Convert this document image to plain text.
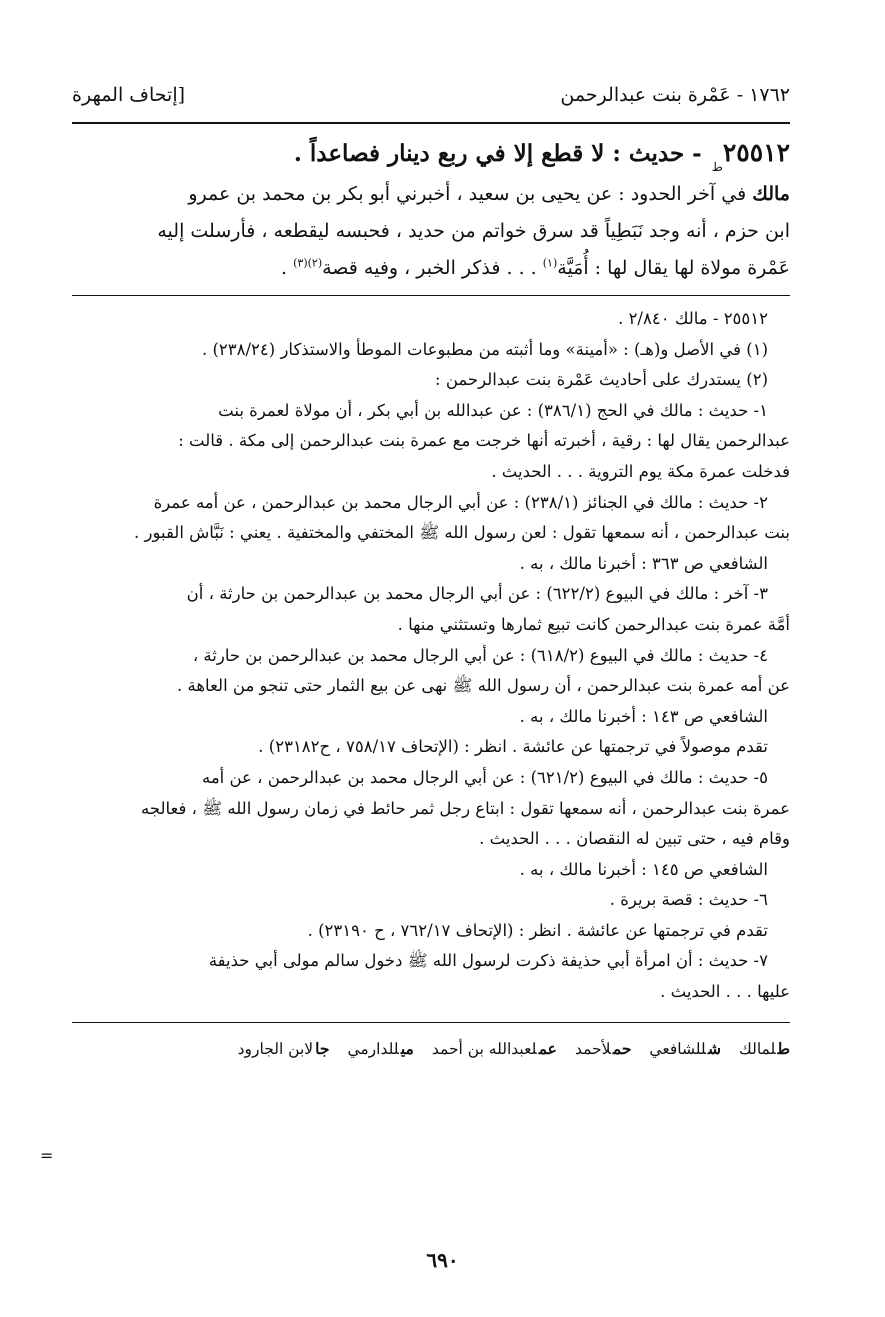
١٧٦٢ - عَمْرة بنت عبدالرحمن
[إتحاف المهرة
$٢٥٥١٢_ط$ - حديث : لا قطع إلا في ربع دينار فصاعداً .
مالك في آخر الحدود : عن يحيى بن سعيد ، أخبرني أبو بكر بن محمد بن عمرو
ابن حزم ، أنه وجد نَبَطِياً قد سرق خواتم من حديد ، فحبسه ليقطعه ، فأرسلت إليه
عَمْرة مولاة لها يقال لها : أُمَيَّة$^{(١)}$ . . . فذكر الخبر ، وفيه قصة$^{(٢)(٣)}$ .

٢٥٥١٢ - مالك ٢/٨٤٠ .

(١) في الأصل و(هـ) : «أمينة» وما أثبته من مطبوعات الموطأ والاستذكار (٢٣٨/٢٤) .

(٢) يستدرك على أحاديث عَمْرة بنت عبدالرحمن :

١- حديث : مالك في الحج (٣٨٦/١) : عن عبدالله بن أبي بكر ، أن مولاة لعمرة بنت

عبدالرحمن يقال لها : رقية ، أخبرته أنها خرجت مع عمرة بنت عبدالرحمن إلى مكة . قالت :

فدخلت عمرة مكة يوم التروية . . . الحديث .

٢- حديث : مالك في الجنائز (٢٣٨/١) : عن أبي الرجال محمد بن عبدالرحمن ، عن أمه عمرة

بنت عبدالرحمن ، أنه سمعها تقول : لعن رسول الله ﷺ المختفي والمختفية . يعني : نَبَّاش القبور .

الشافعي ص ٣٦٣ : أخبرنا مالك ، به .

٣- آخر : مالك في البيوع (٦٢٢/٢) : عن أبي الرجال محمد بن عبدالرحمن بن حارثة ، أن

أمَّة عمرة بنت عبدالرحمن كانت تبيع ثمارها وتستثني منها .

٤- حديث : مالك في البيوع (٦١٨/٢) : عن أبي الرجال محمد بن عبدالرحمن بن حارثة ،

عن أمه عمرة بنت عبدالرحمن ، أن رسول الله ﷺ نهى عن بيع الثمار حتى تنجو من العاهة .

الشافعي ص ١٤٣ : أخبرنا مالك ، به .

تقدم موصولاً في ترجمتها عن عائشة . انظر : (الإتحاف ٧٥٨/١٧ ، ح٢٣١٨٢) .

٥- حديث : مالك في البيوع (٦٢١/٢) : عن أبي الرجال محمد بن عبدالرحمن ، عن أمه

عمرة بنت عبدالرحمن ، أنه سمعها تقول : ابتاع رجل ثمر حائط في زمان رسول الله ﷺ ، فعالجه

وقام فيه ، حتى تبين له النقصان . . . الحديث .

الشافعي ص ١٤٥ : أخبرنا مالك ، به .

٦- حديث : قصة بريرة .

تقدم في ترجمتها عن عائشة . انظر : (الإتحاف ٧٦٢/١٧ ، ح ٢٣١٩٠) .

٧- حديث : أن امرأة أبي حذيفة ذكرت لرسول الله ﷺ دخول سالم مولى أبي حذيفة

عليها . . . الحديث .

طلمالك
شللشافعي
حملأحمد
عملعبدالله بن أحمد
ميللدارمي
جالابن الجارود
=
٦٩٠
